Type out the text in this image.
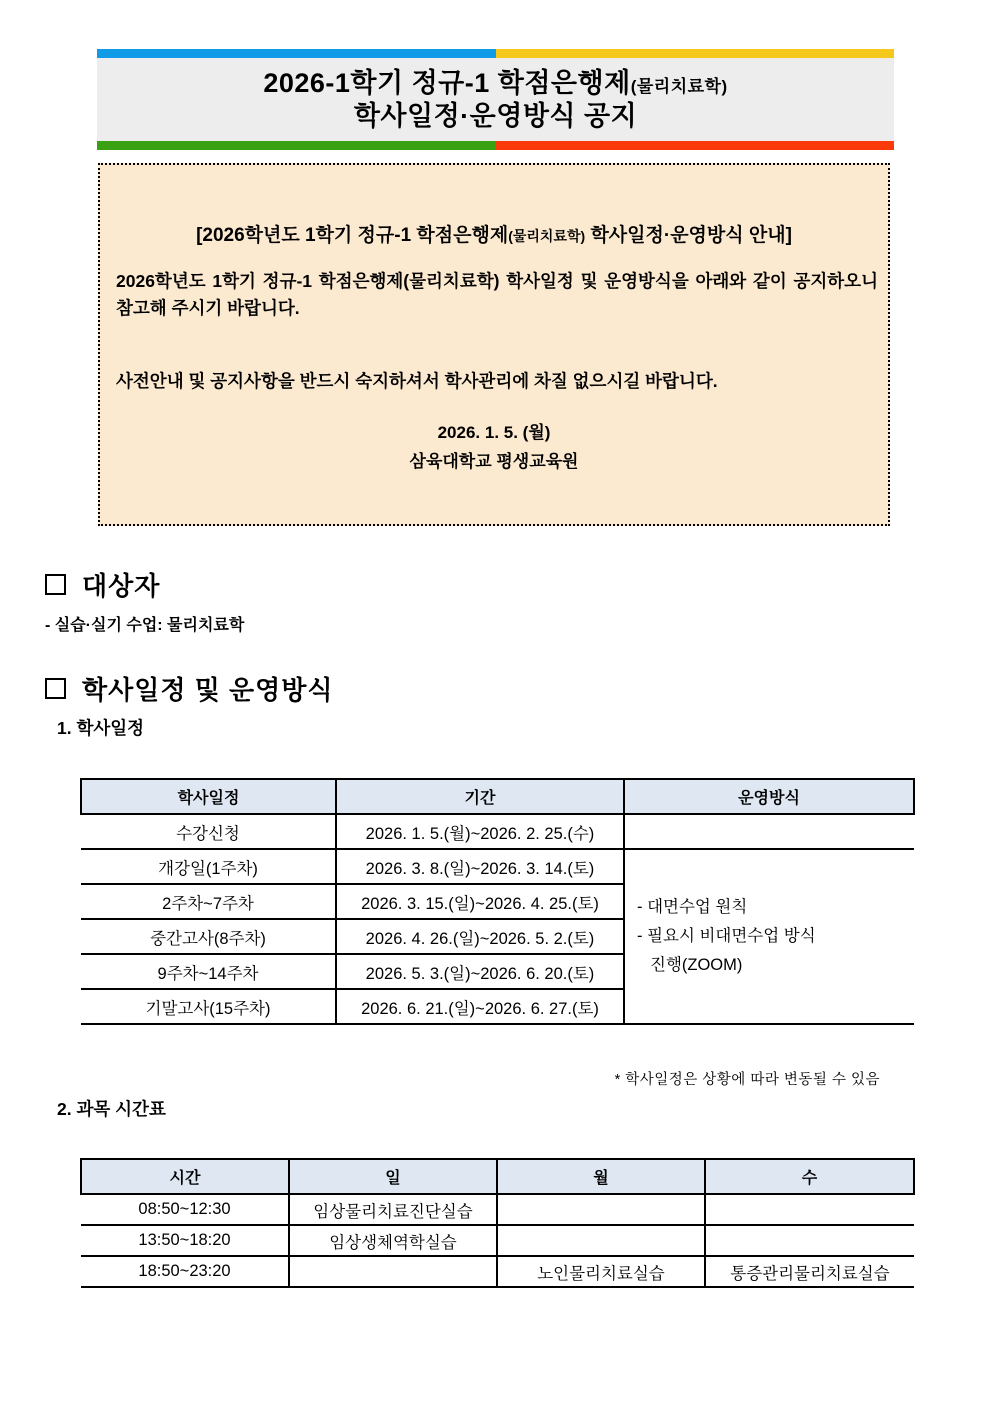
2026-1학기 정규-1 학점은행제(물리치료학)
학사일정·운영방식 공지
[2026학년도 1학기 정규-1 학점은행제(물리치료학) 학사일정·운영방식 안내]
2026학년도 1학기 정규-1 학점은행제(물리치료학) 학사일정 및 운영방식을 아래와 같이 공지하오니 참고해 주시기 바랍니다.
사전안내 및 공지사항을 반드시 숙지하셔서 학사관리에 차질 없으시길 바랍니다.
2026. 1. 5. (월)
삼육대학교 평생교육원
대상자
- 실습·실기 수업: 물리치료학
학사일정 및 운영방식
1. 학사일정
학사일정	기간	운영방식
수강신청	2026. 1. 5.(월)~2026. 2. 25.(수)	
개강일(1주차)	2026. 3. 8.(일)~2026. 3. 14.(토)	- 대면수업 원칙
- 필요시 비대면수업 방식
진행(ZOOM)

2주차~7주차	2026. 3. 15.(일)~2026. 4. 25.(토)	
중간고사(8주차)	2026. 4. 26.(일)~2026. 5. 2.(토)	
9주차~14주차	2026. 5. 3.(일)~2026. 6. 20.(토)	
기말고사(15주차)	2026. 6. 21.(일)~2026. 6. 27.(토)	
* 학사일정은 상황에 따라 변동될 수 있음
2. 과목 시간표
시간	일	월	수
08:50~12:30	임상물리치료진단실습		
13:50~18:20	임상생체역학실습		
18:50~23:20		노인물리치료실습	통증관리물리치료실습
